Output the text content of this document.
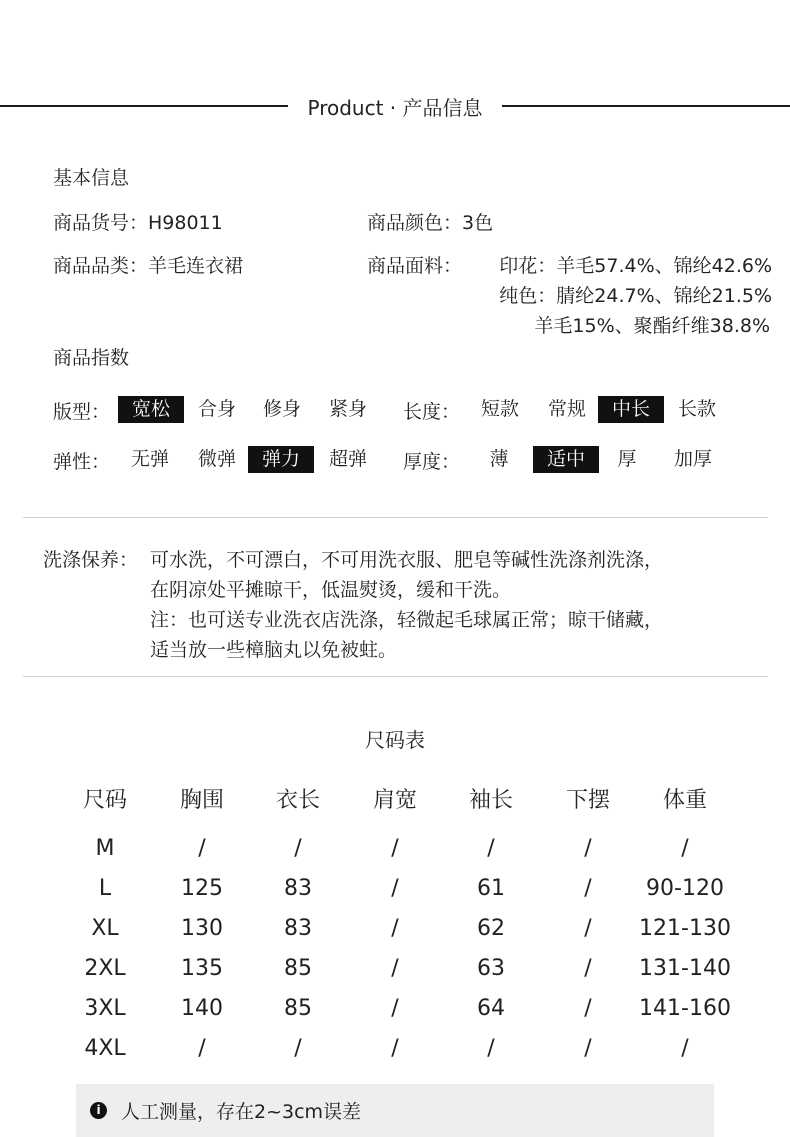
Product · 产品信息
基本信息
商品货号：H98011	商品颜色：3色
商品品类：羊毛连衣裙	商品面料： 印花：羊毛57.4%、锦纶42.6%
纯色：腈纶24.7%、锦纶21.5%
羊毛15%、聚酯纤维38.8%
商品指数
版型：	宽松	合身 修身 紧身 长度：	短款	常规	中长	长款
弹性： 无弹 微弹	弹力	超弹 厚度： 薄	适中	厚 加厚
洗涤保养： 可水洗，不可漂白，不可用洗衣服、肥皂等碱性洗涤剂洗涤，
在阴凉处平摊晾干，低温熨烫，缓和干洗。
注：也可送专业洗衣店洗涤，轻微起毛球属正常；晾干储藏，
适当放一些樟脑丸以免被蛀。
尺码表
尺码	胸围	衣长	肩宽	袖长	下摆	体重
M	/	/	/	/	/	/
L	125	83	/	61	/	90-120
XL	130	83	/	62	/	121-130
2XL	135	85	/	63	/	131-140
3XL	140	85	/	64	/	141-160
4XL	/	/	/	/	/	/
i	人工测量，存在2~3cm误差
